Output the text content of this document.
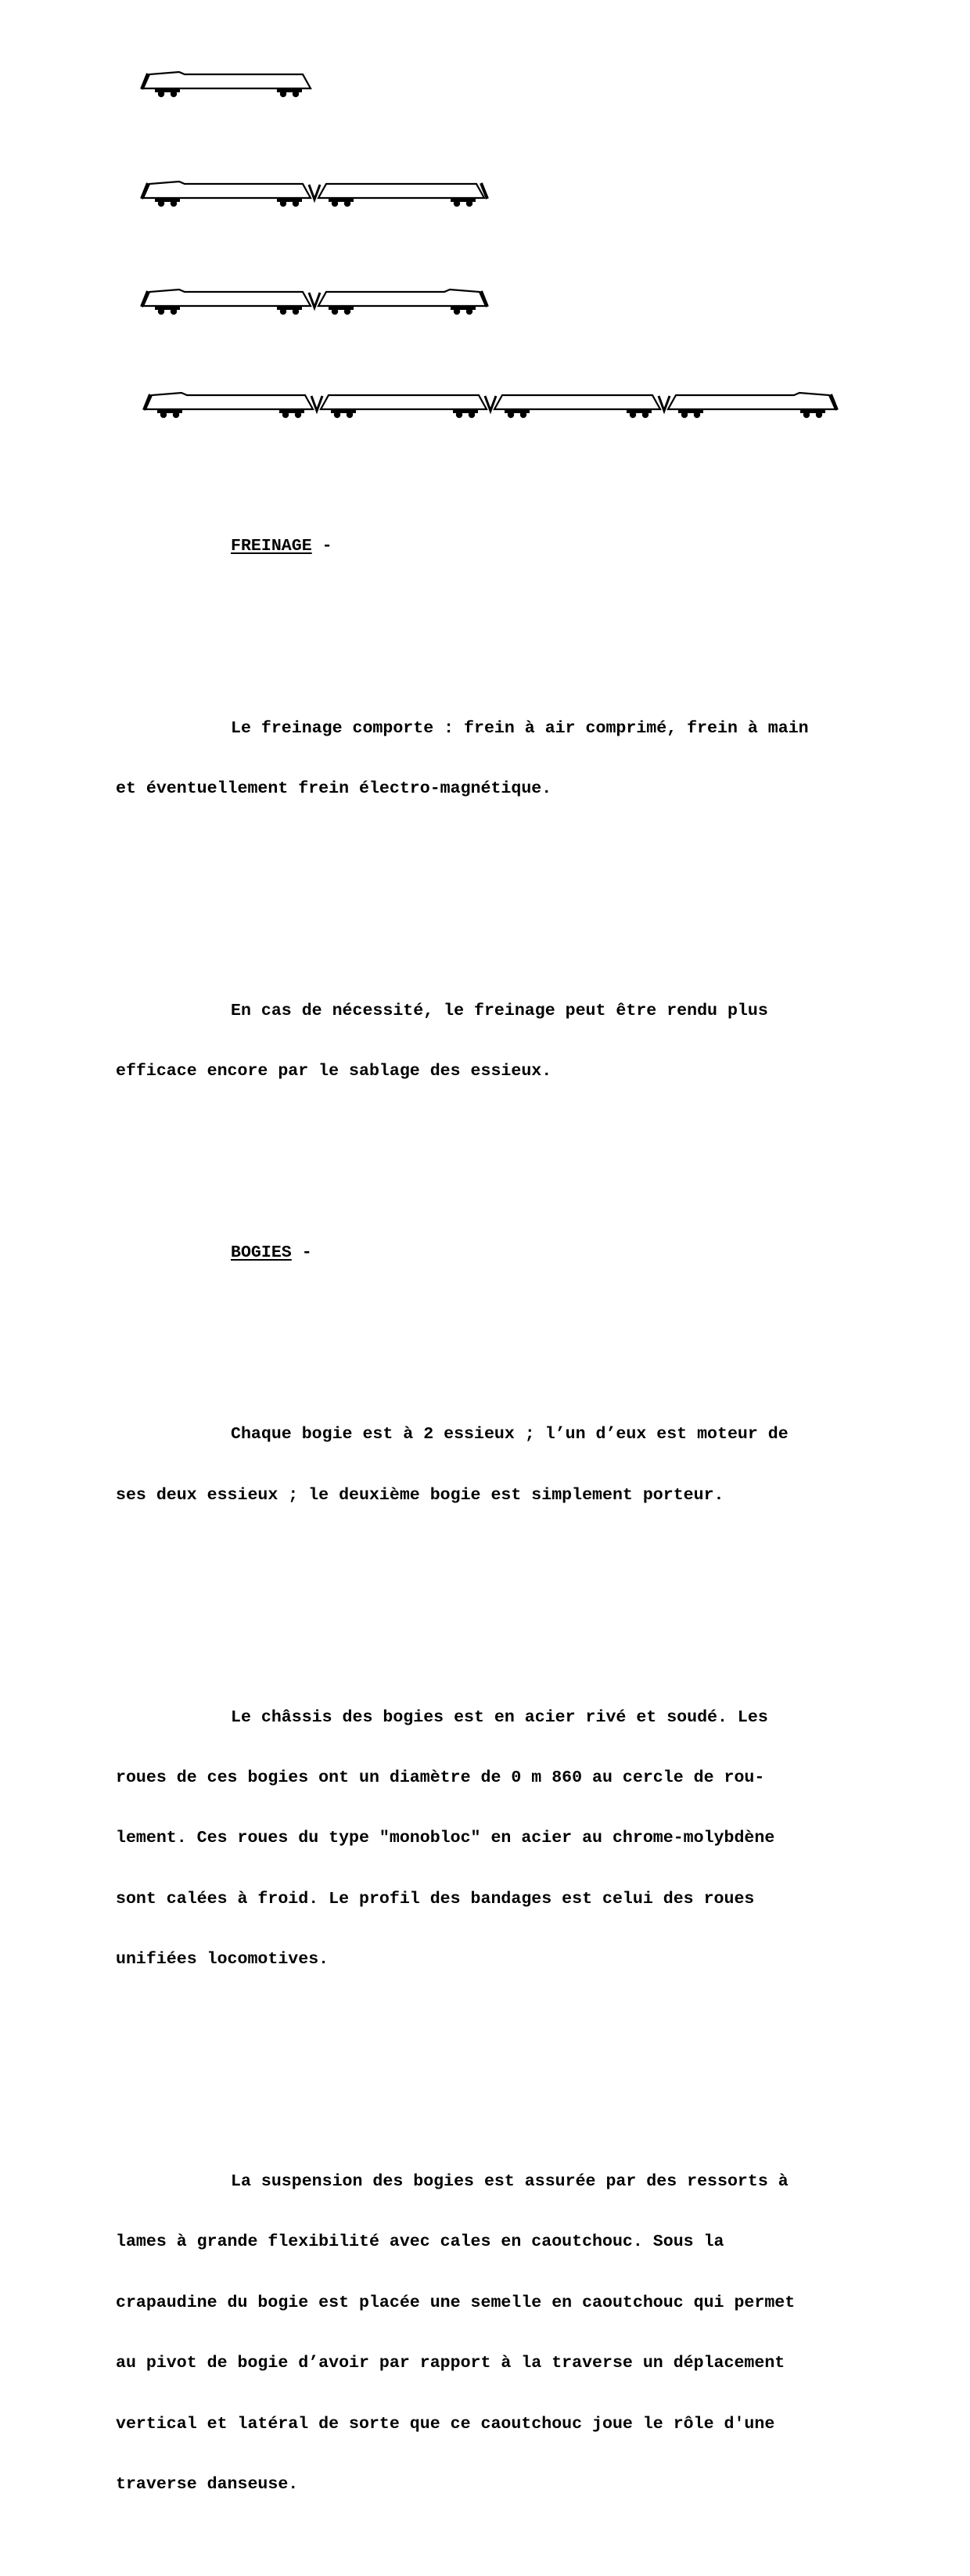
FREINAGE -

Le freinage comporte : frein à air comprimé, frein à main

et éventuellement frein électro-magnétique.

En cas de nécessité, le freinage peut être rendu plus

efficace encore par le sablage des essieux.

BOGIES -

Chaque bogie est à 2 essieux ; l’un d’eux est moteur de

ses deux essieux ; le deuxième bogie est simplement porteur.

Le châssis des bogies est en acier rivé et soudé. Les

roues de ces bogies ont un diamètre de 0 m 860 au cercle de rou-

lement. Ces roues du type "monobloc" en acier au chrome-molybdène

sont calées à froid. Le profil des bandages est celui des roues

unifiées locomotives.

La suspension des bogies est assurée par des ressorts à

lames à grande flexibilité avec cales en caoutchouc. Sous la

crapaudine du bogie est placée une semelle en caoutchouc qui permet

au pivot de bogie d’avoir par rapport à la traverse un déplacement

vertical et latéral de sorte que ce caoutchouc joue le rôle d'une

traverse danseuse.
